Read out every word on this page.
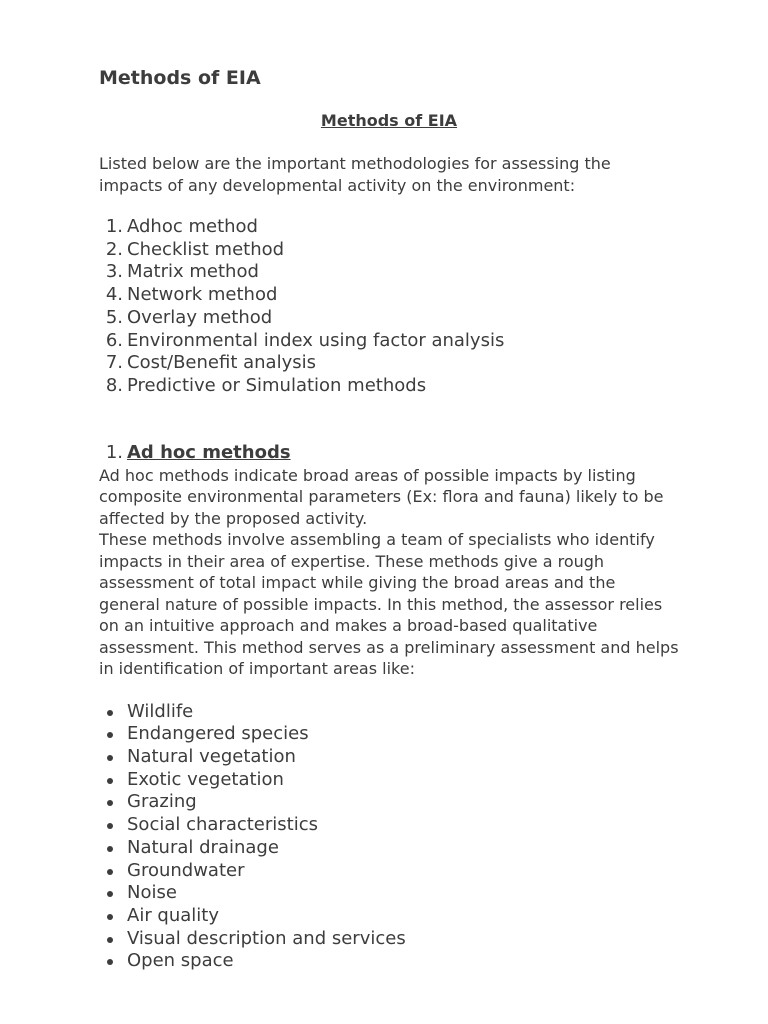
Methods of EIA

Methods of EIA

Listed below are the important methodologies for assessing the impacts of any developmental activity on the environment:

1. Adhoc method
2. Checklist method
3. Matrix method
4. Network method
5. Overlay method
6. Environmental index using factor analysis
7. Cost/Benefit analysis
8. Predictive or Simulation methods
1. Ad hoc methods

Ad hoc methods indicate broad areas of possible impacts by listing composite environmental parameters (Ex: flora and fauna) likely to be affected by the proposed activity.

These methods involve assembling a team of specialists who identify impacts in their area of expertise. These methods give a rough assessment of total impact while giving the broad areas and the general nature of possible impacts. In this method, the assessor relies on an intuitive approach and makes a broad-based qualitative assessment. This method serves as a preliminary assessment and helps in identification of important areas like:

Wildlife
Endangered species
Natural vegetation
Exotic vegetation
Grazing
Social characteristics
Natural drainage
Groundwater
Noise
Air quality
Visual description and services
Open space
